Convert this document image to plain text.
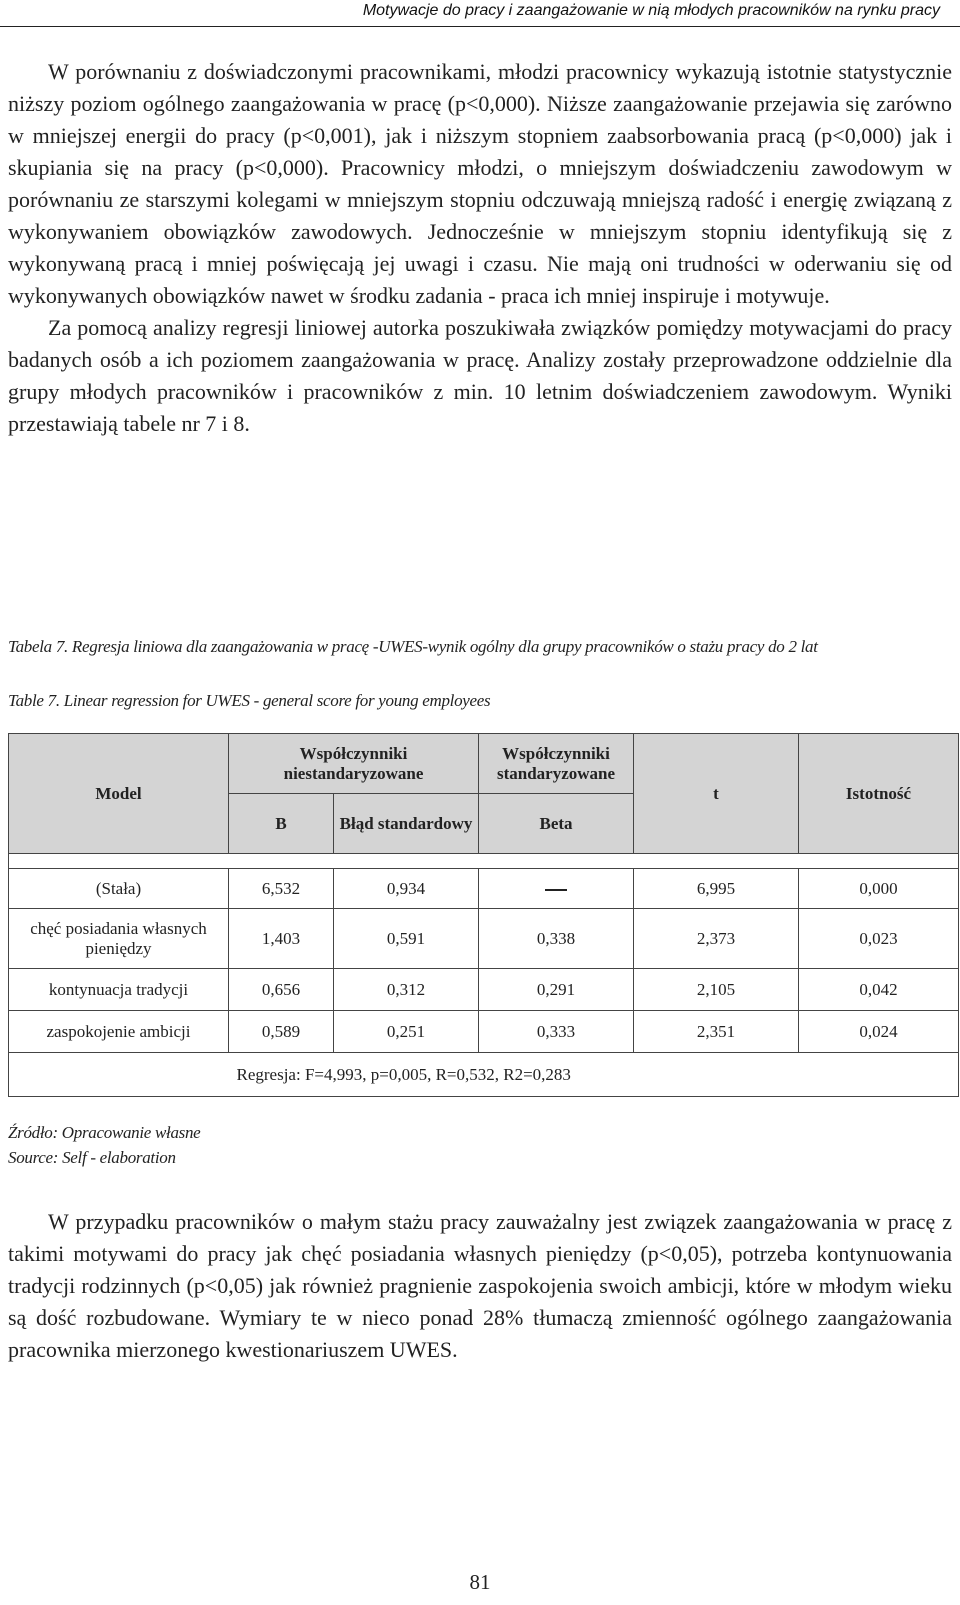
Motywacje do pracy i zaangażowanie w nią młodych pracowników na rynku pracy

W porównaniu z doświadczonymi pracownikami, młodzi pracownicy wykazują istotnie statystycznie niższy poziom ogólnego zaangażowania w pracę (p<0,000). Niższe zaangażowanie przejawia się zarówno w mniejszej energii do pracy (p<0,001), jak i niższym stopniem zaabsorbowania pracą (p<0,000) jak i skupiania się na pracy (p<0,000). Pracownicy młodzi, o mniejszym doświadczeniu zawodowym w porównaniu ze starszymi kolegami w mniejszym stopniu odczuwają mniejszą radość i energię związaną z wykonywaniem obowiązków zawodowych. Jednocześnie w mniejszym stopniu identyfikują się z wykonywaną pracą i mniej poświęcają jej uwagi i czasu. Nie mają oni trudności w oderwaniu się od wykonywanych obowiązków nawet w środku zadania - praca ich mniej inspiruje i motywuje.

Za pomocą analizy regresji liniowej autorka poszukiwała związków pomiędzy motywacjami do pracy badanych osób a ich poziomem zaangażowania w pracę. Analizy zostały przeprowadzone oddzielnie dla grupy młodych pracowników i pracowników z min. 10 letnim doświadczeniem zawodowym. Wyniki przestawiają tabele nr 7 i 8.

Tabela 7. Regresja liniowa dla zaangażowania w pracę -UWES-wynik ogólny dla grupy pracowników o stażu pracy do 2 lat
Table 7. Linear regression for UWES - general score for young employees
Model	Współczynniki niestandaryzowane		Współczynniki standaryzowane	t	Istotność
	B	Błąd standardowy	Beta		

(Stała)	6,532	0,934		6,995	0,000
chęć posiadania własnych pieniędzy	1,403	0,591	0,338	2,373	0,023
kontynuacja tradycji	0,656	0,312	0,291	2,105	0,042
zaspokojenie ambicji	0,589	0,251	0,333	2,351	0,024
	Regresja: F=4,993, p=0,005, R=0,532, R2=0,283				
Źródło: Opracowanie własne
Source: Self - elaboration

W przypadku pracowników o małym stażu pracy zauważalny jest związek zaangażowania w pracę z takimi motywami do pracy jak chęć posiadania własnych pieniędzy (p<0,05), potrzeba kontynuowania tradycji rodzinnych (p<0,05) jak również pragnienie zaspokojenia swoich ambicji, które w młodym wieku są dość rozbudowane. Wymiary te w nieco ponad 28% tłumaczą zmienność ogólnego zaangażowania pracownika mierzonego kwestionariuszem UWES.

81
